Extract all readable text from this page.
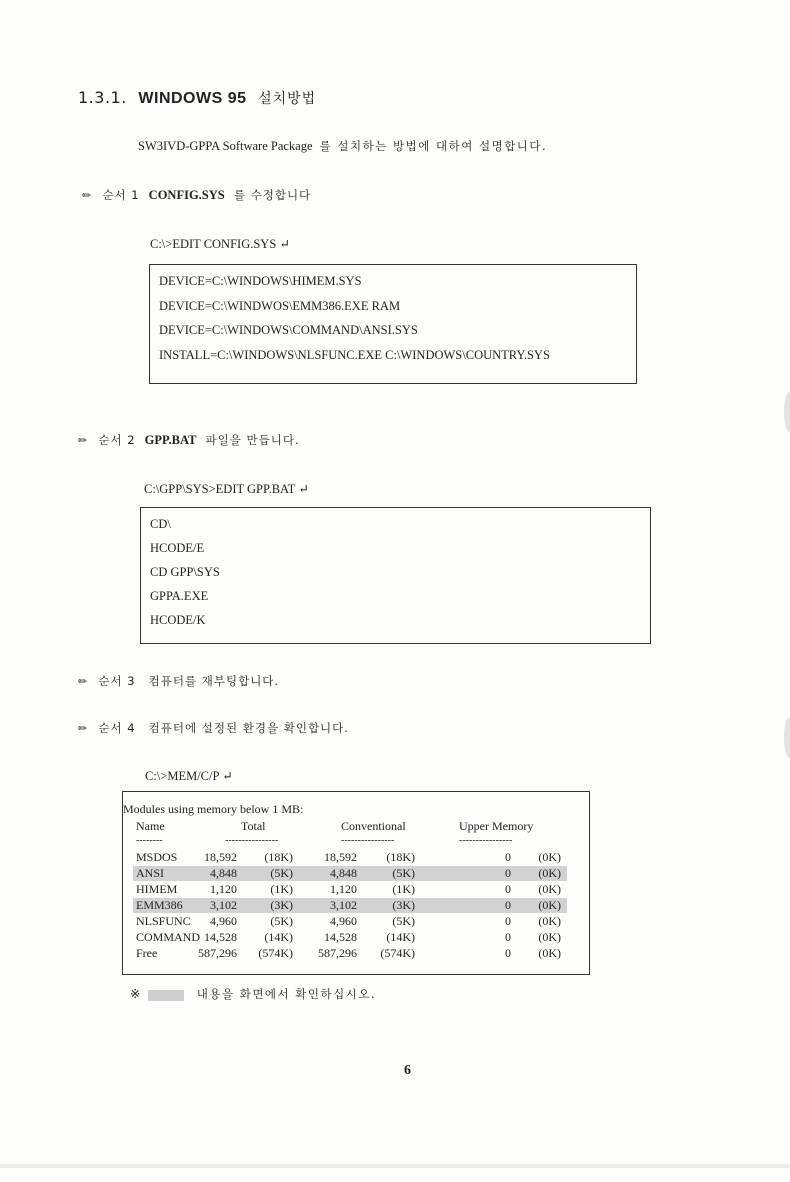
1.3.1. WINDOWS 95 설치방법
SW3IVD-GPPA Software Package 를 설치하는 방법에 대하여 설명합니다.
✏ 순서 1 CONFIG.SYS 를 수정합니다
C:\>EDIT CONFIG.SYS ↵
DEVICE=C:\WINDOWS\HIMEM.SYS
DEVICE=C:\WINDWOS\EMM386.EXE RAM
DEVICE=C:\WINDOWS\COMMAND\ANSI.SYS
INSTALL=C:\WINDOWS\NLSFUNC.EXE C:\WINDOWS\COUNTRY.SYS
✏ 순서 2 GPP.BAT 파일을 만듭니다.
C:\GPP\SYS>EDIT GPP.BAT ↵
CD\
HCODE/E
CD GPP\SYS
GPPA.EXE
HCODE/K
✏ 순서 3 컴퓨터를 재부팅합니다.
✏ 순서 4 컴퓨터에 설정된 환경을 확인합니다.
C:\>MEM/C/P ↵
Modules using memory below 1 MB:
Name	Total	Conventional	Upper Memory
--------	----------------	----------------	----------------
MSDOS 18,592 (18K)	18,592 (18K)	0 (0K)
ANSI	4,848	(5K)	4,848	(5K)	0 (0K)
HIMEM	1,120	(1K)	1,120	(1K)	0 (0K)
EMM386 3,102	(3K)	3,102	(3K)	0 (0K)
NLSFUNC 4,960	(5K)	4,960	(5K)	0 (0K)
COMMAND 14,528 (14K)	14,528 (14K)	0 (0K)
Free	587,296 (574K) 587,296 (574K)	0 (0K)
※	내용을 화면에서 확인하십시오.
6
